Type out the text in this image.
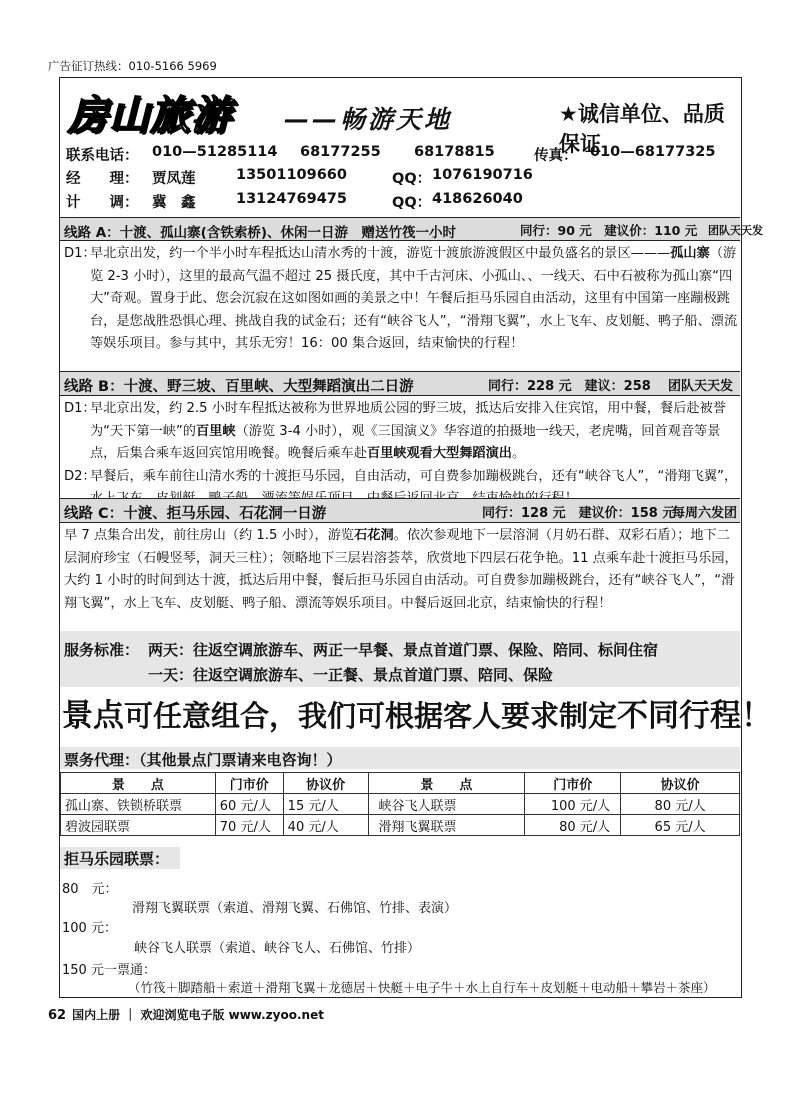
广告征订热线：010-5166 5969
房山旅游 ——畅游天地	★诚信单位、品质保证
联系电话： 010—51285114 68177255 68178815	传真： 010—68177325
经　　理： 贾凤莲	13501109660	QQ： 1076190716
计　　调： 冀　鑫	13124769475	QQ： 418626040
线路 A：十渡、孤山寨(含铁索桥)、休闲一日游　赠送竹筏一小时	同行：90 元　建议价：110 元 团队天天发
D1：

早北京出发，约一个半小时车程抵达山清水秀的十渡，游览十渡旅游渡假区中最负盛名的景区———孤山寨（游览 2-3 小时），这里的最高气温不超过 25 摄氏度，其中千古河床、小孤山、、一线天、石中石被称为孤山寨“四大”奇观。置身于此、您会沉寂在这如图如画的美景之中！午餐后拒马乐园自由活动，这里有中国第一座蹦极跳台，是您战胜恐惧心理、挑战自我的试金石；还有“峡谷飞人”，“滑翔飞翼”，水上飞车、皮划艇、鸭子船、漂流等娱乐项目。参与其中，其乐无穷！16：00 集合返回，结束愉快的行程！

线路 B：十渡、野三坡、百里峡、大型舞蹈演出二日游	同行：228 元　建议：258 团队天天发
D1：

早北京出发，约 2.5 小时车程抵达被称为世界地质公园的野三坡，抵达后安排入住宾馆，用中餐，餐后赴被誉为“天下第一峡”的百里峡（游览 3-4 小时），观《三国演义》华容道的拍摄地一线天，老虎嘴，回首观音等景点，后集合乘车返回宾馆用晚餐。晚餐后乘车赴百里峡观看大型舞蹈演出。

D2：

早餐后，乘车前往山清水秀的十渡拒马乐园，自由活动，可自费参加蹦极跳台，还有“峡谷飞人”，“滑翔飞翼”，

线路 C：十渡、拒马乐园、石花洞一日游	同行：128 元　建议价：158 元
每周六发团

早 7 点集合出发，前往房山（约 1.5 小时），游览石花洞。依次参观地下一层溶洞（月奶石群、双彩石盾）；地下二层洞府珍宝（石幔竖琴，洞天三柱）；领略地下三层岩溶荟萃，欣赏地下四层石花争艳。11 点乘车赴十渡拒马乐园，大约 1 小时的时间到达十渡，抵达后用中餐，餐后拒马乐园自由活动。可自费参加蹦极跳台，还有“峡谷飞人”，“滑翔飞翼”，水上飞车、皮划艇、鸭子船、漂流等娱乐项目。中餐后返回北京，结束愉快的行程！

服务标准： 两天：往返空调旅游车、两正一早餐、景点首道门票、保险、陪同、标间住宿
一天：往返空调旅游车、一正餐、景点首道门票、陪同、保险
景点可任意组合，我们可根据客人要求制定不同行程！
票务代理：（其他景点门票请来电咨询！）
景　　点	门市价	协议价	景　　点	门市价	协议价
孤山寨、铁锁桥联票	60 元/人	15 元/人	峡谷飞人联票	100 元/人	80 元/人
碧波园联票	70 元/人	40 元/人	滑翔飞翼联票	80 元/人	65 元/人
拒马乐园联票：
80　元：
滑翔飞翼联票（索道、滑翔飞翼、石佛馆、竹排、表演）
100 元：
峡谷飞人联票（索道、峡谷飞人、石佛馆、竹排）
150 元一票通：
（竹筏＋脚踏船＋索道＋滑翔飞翼＋龙德居＋快艇＋电子牛＋水上自行车＋皮划艇＋电动船＋攀岩＋茶座）
62 国内上册 ｜ 欢迎浏览电子版 www.zyoo.net
